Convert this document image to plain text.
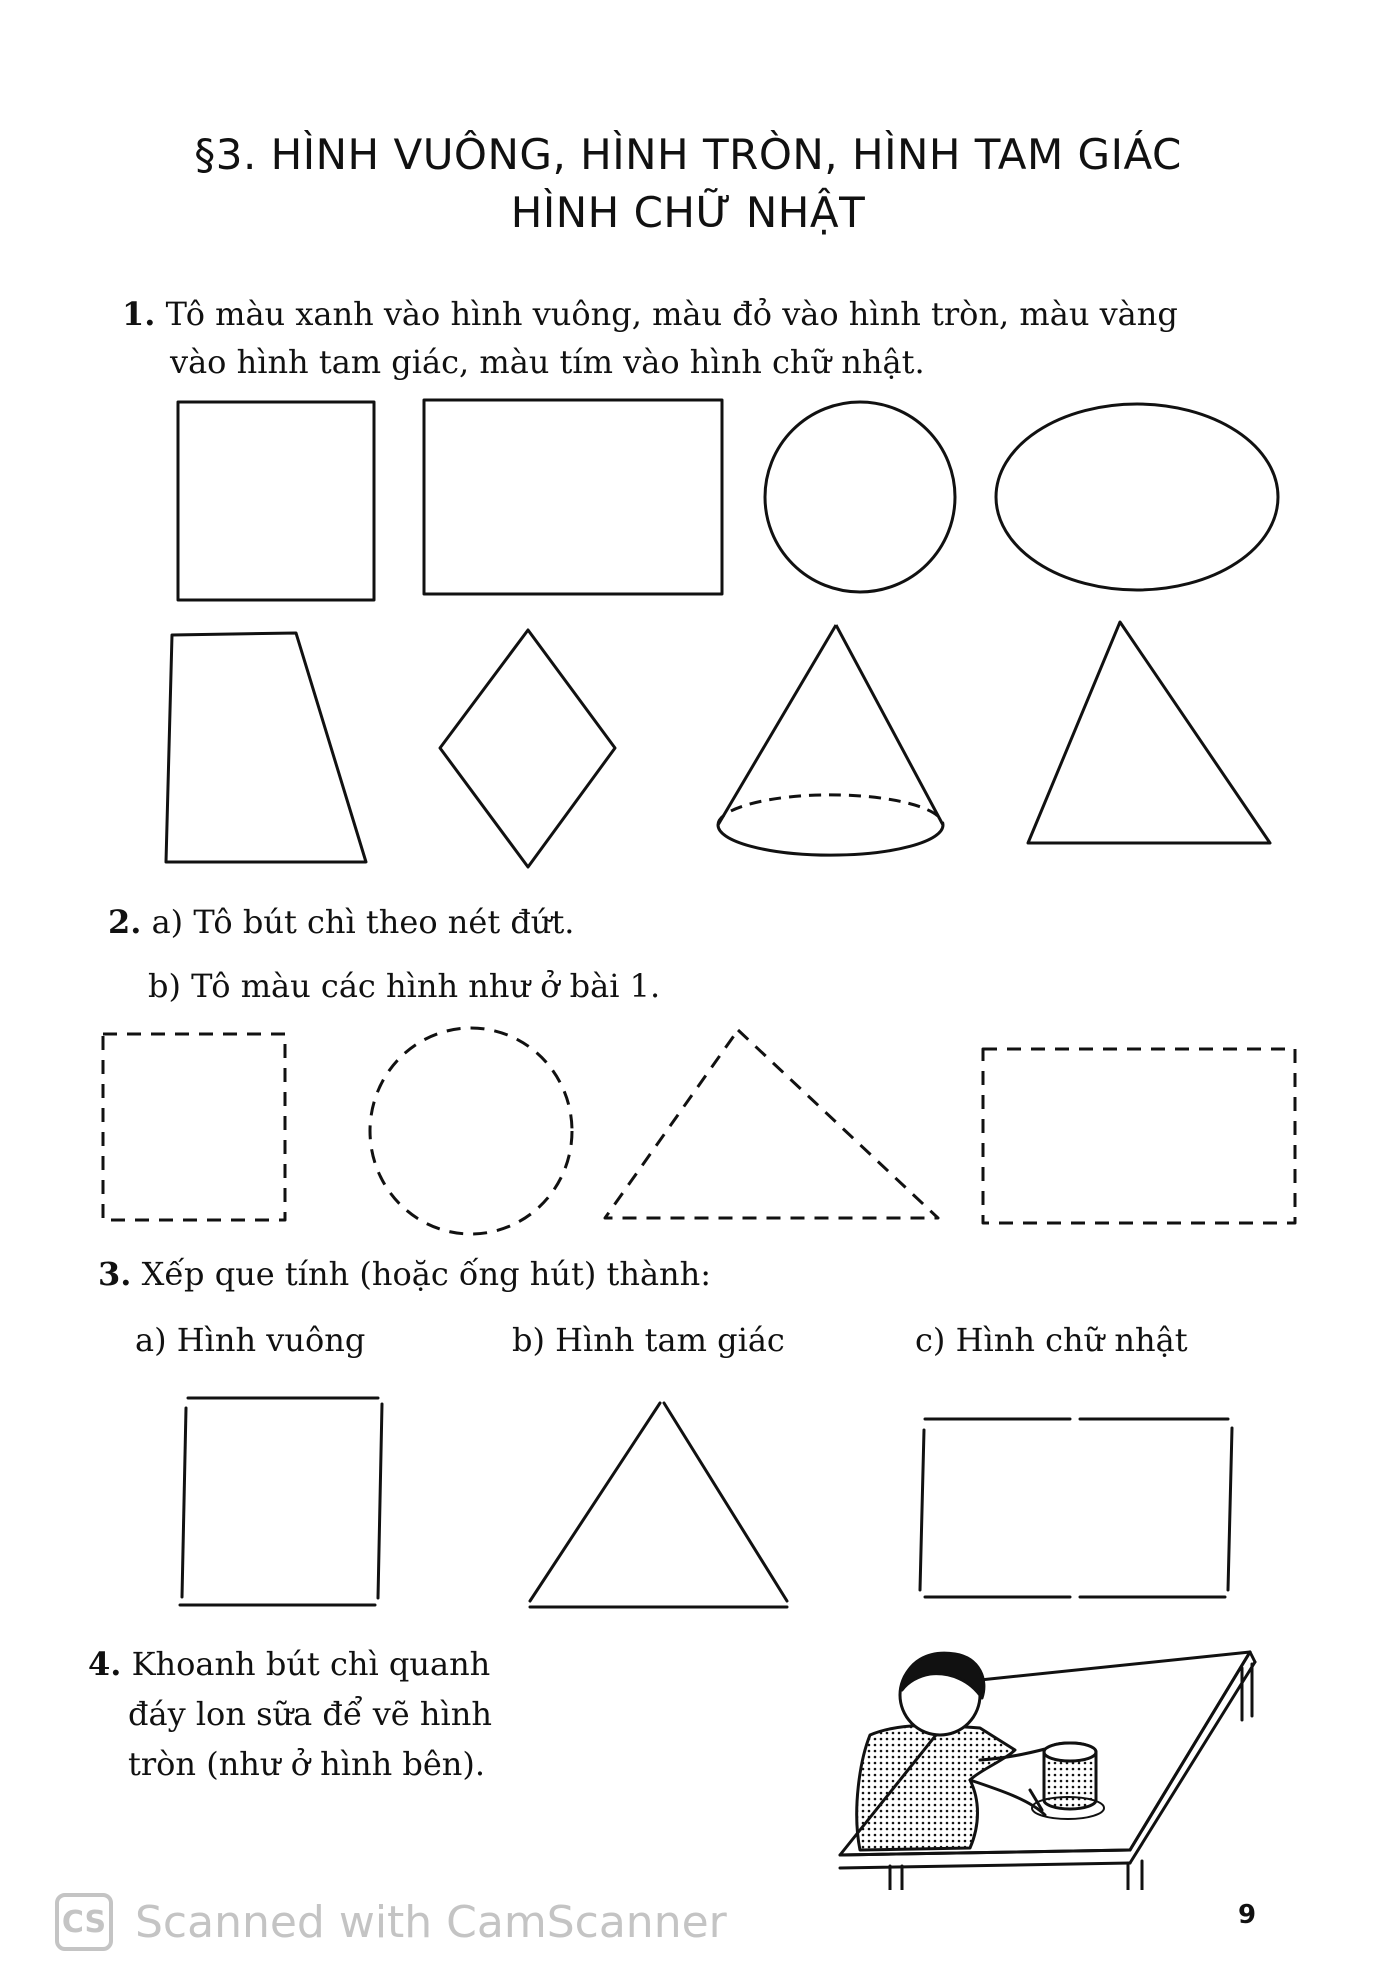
§3. HÌNH VUÔNG, HÌNH TRÒN, HÌNH TAM GIÁC
HÌNH CHỮ NHẬT
1. Tô màu xanh vào hình vuông, màu đỏ vào hình tròn, màu vàng
vào hình tam giác, màu tím vào hình chữ nhật.
2. a) Tô bút chì theo nét đứt.
b) Tô màu các hình như ở bài 1.
3. Xếp que tính (hoặc ống hút) thành:
a) Hình vuông	b) Hình tam giác	c) Hình chữ nhật
4. Khoanh bút chì quanh
đáy lon sữa để vẽ hình
tròn (như ở hình bên).
CS Scanned with CamScanner	9
